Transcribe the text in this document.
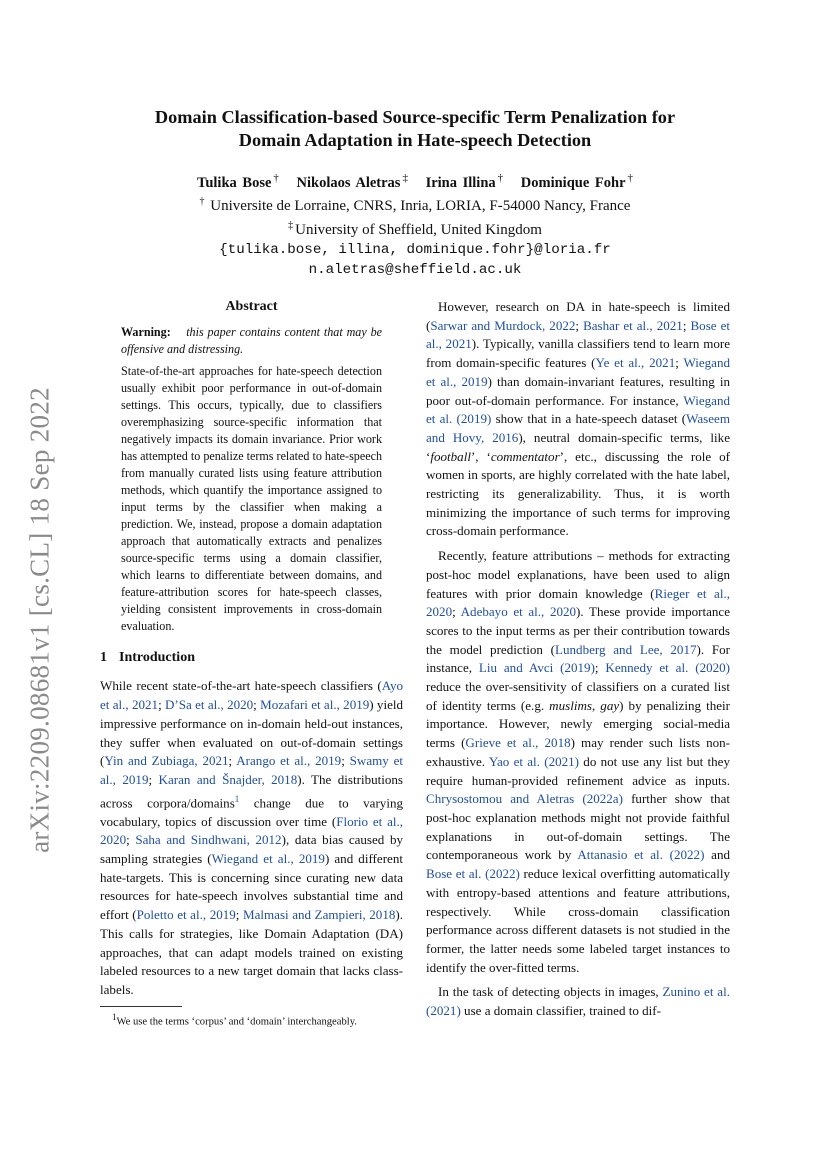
arXiv:2209.08681v1 [cs.CL] 18 Sep 2022
Domain Classification-based Source-specific Term Penalization for
Domain Adaptation in Hate-speech Detection
Tulika Bose † Nikolaos Aletras ‡ Irina Illina † Dominique Fohr †
† Universite de Lorraine, CNRS, Inria, LORIA, F-54000 Nancy, France
‡ University of Sheffield, United Kingdom
{tulika.bose, illina, dominique.fohr}@loria.fr
n.aletras@sheffield.ac.uk
Abstract

Warning: this paper contains content that may be offensive and distressing.

State-of-the-art approaches for hate-speech detection usually exhibit poor performance in out-of-domain settings. This occurs, typically, due to classifiers overemphasizing source-specific information that negatively impacts its domain invariance. Prior work has attempted to penalize terms related to hate-speech from manually curated lists using feature attribution methods, which quantify the importance assigned to input terms by the classifier when making a prediction. We, instead, propose a domain adaptation approach that automatically extracts and penalizes source-specific terms using a domain classifier, which learns to differentiate between domains, and feature-attribution scores for hate-speech classes, yielding consistent improvements in cross-domain evaluation.

1 Introduction

While recent state-of-the-art hate-speech classifiers (Ayo et al., 2021; D’Sa et al., 2020; Mozafari et al., 2019) yield impressive performance on in-domain held-out instances, they suffer when evaluated on out-of-domain settings (Yin and Zubiaga, 2021; Arango et al., 2019; Swamy et al., 2019; Karan and Šnajder, 2018). The distributions across corpora/domains$^1$ change due to varying vocabulary, topics of discussion over time (Florio et al., 2020; Saha and Sindhwani, 2012), data bias caused by sampling strategies (Wiegand et al., 2019) and different hate-targets. This is concerning since curating new data resources for hate-speech involves substantial time and effort (Poletto et al., 2019; Malmasi and Zampieri, 2018). This calls for strategies, like Domain Adaptation (DA) approaches, that can adapt models trained on existing labeled resources to a new target domain that lacks class-labels.

$^1$We use the terms ‘corpus’ and ‘domain’ interchangeably.

However, research on DA in hate-speech is limited (Sarwar and Murdock, 2022; Bashar et al., 2021; Bose et al., 2021). Typically, vanilla classifiers tend to learn more from domain-specific features (Ye et al., 2021; Wiegand et al., 2019) than domain-invariant features, resulting in poor out-of-domain performance. For instance, Wiegand et al. (2019) show that in a hate-speech dataset (Waseem and Hovy, 2016), neutral domain-specific terms, like ‘football’, ‘commentator’, etc., discussing the role of women in sports, are highly correlated with the hate label, restricting its generalizability. Thus, it is worth minimizing the importance of such terms for improving cross-domain performance.

Recently, feature attributions – methods for extracting post-hoc model explanations, have been used to align features with prior domain knowledge (Rieger et al., 2020; Adebayo et al., 2020). These provide importance scores to the input terms as per their contribution towards the model prediction (Lundberg and Lee, 2017). For instance, Liu and Avci (2019); Kennedy et al. (2020) reduce the over-sensitivity of classifiers on a curated list of identity terms (e.g. muslims, gay) by penalizing their importance. However, newly emerging social-media terms (Grieve et al., 2018) may render such lists non-exhaustive. Yao et al. (2021) do not use any list but they require human-provided refinement advice as inputs. Chrysostomou and Aletras (2022a) further show that post-hoc explanation methods might not provide faithful explanations in out-of-domain settings. The contemporaneous work by Attanasio et al. (2022) and Bose et al. (2022) reduce lexical overfitting automatically with entropy-based attentions and feature attributions, respectively. While cross-domain classification performance across different datasets is not studied in the former, the latter needs some labeled target instances to identify the over-fitted terms.

In the task of detecting objects in images, Zunino et al. (2021) use a domain classifier, trained to dif-
